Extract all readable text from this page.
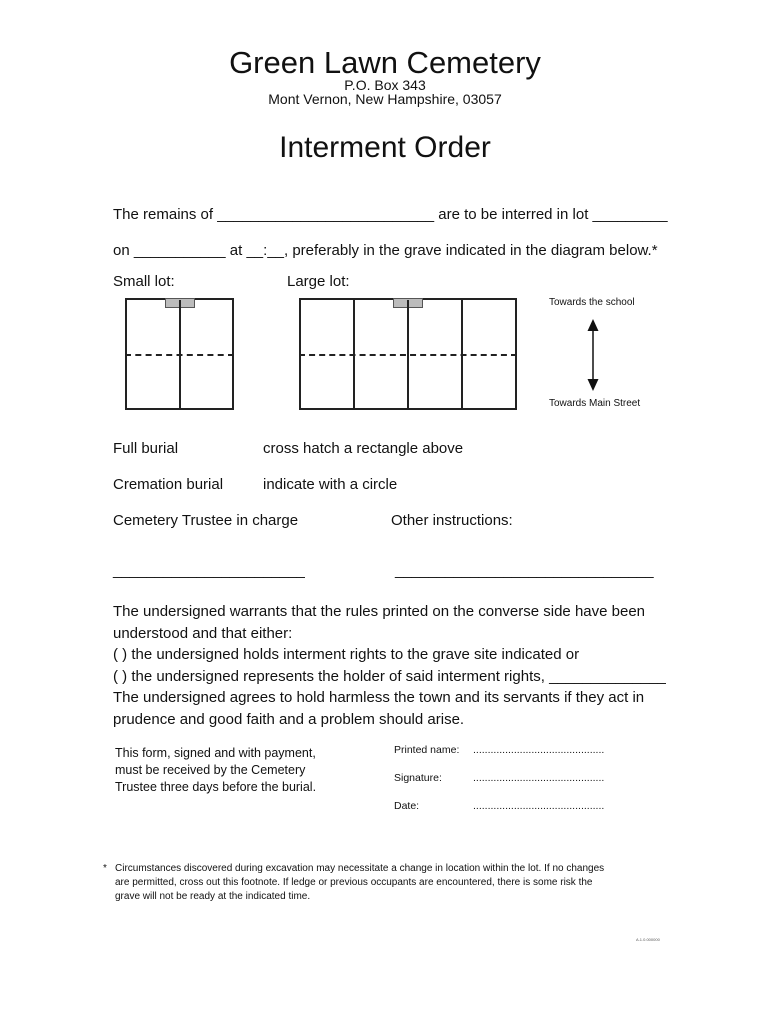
Green Lawn Cemetery
P.O. Box 343
Mont Vernon, New Hampshire, 03057
Interment Order
The remains of __________________________ are to be interred in lot _________
on ___________ at __:__, preferably in the grave indicated in the diagram below.*
Small lot:	Large lot:
Towards the school
Towards Main Street
Full burial	cross hatch a rectangle above
Cremation burial	indicate with a circle
Cemetery Trustee in charge	Other instructions:
_______________________	_______________________________
The undersigned warrants that the rules printed on the converse side have been
understood and that either:
( ) the undersigned holds interment rights to the grave site indicated or
( ) the undersigned represents the holder of said interment rights, ______________
The undersigned agrees to hold harmless the town and its servants if they act in
prudence and good faith and a problem should arise.
This form, signed and with payment,
must be received by the Cemetery
Trustee three days before the burial.
Printed name: .............................................
Signature:	.............................................
Date:	.............................................
* Circumstances discovered during excavation may necessitate a change in location within the lot. If no changes
are permitted, cross out this footnote. If ledge or previous occupants are encountered, there is some risk the
grave will not be ready at the indicated time.
A.1.0.000000
